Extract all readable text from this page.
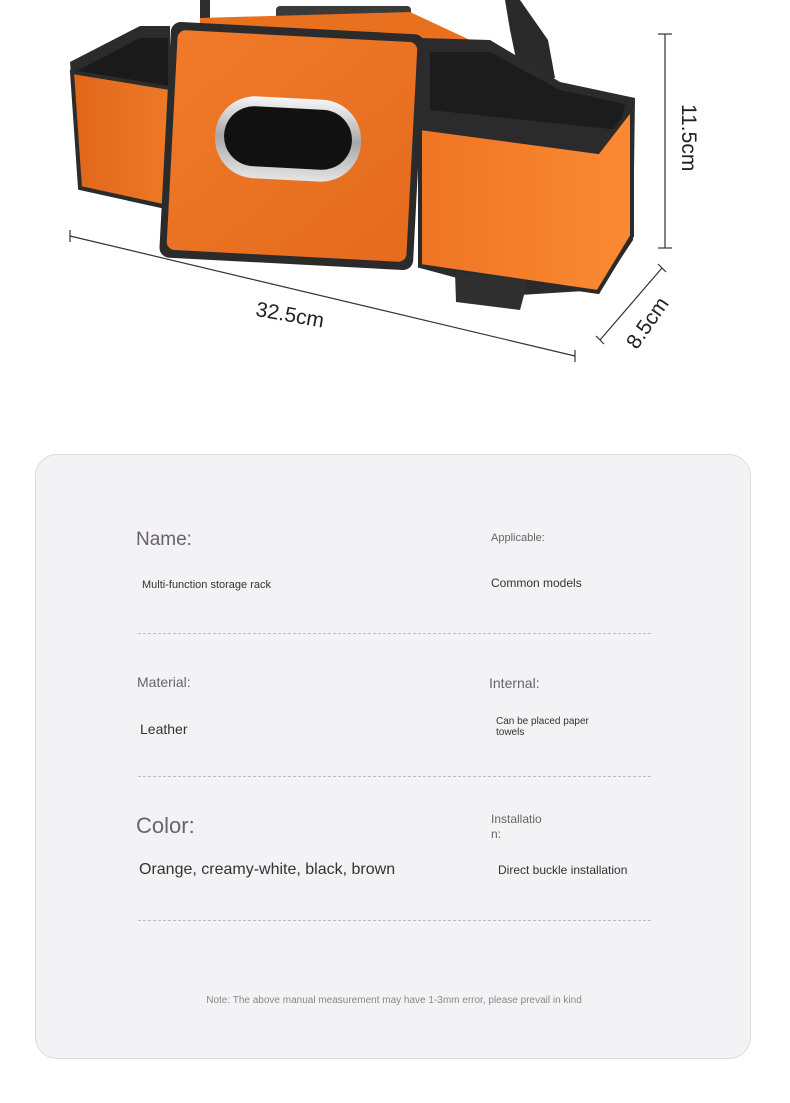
32.5cm
11.5cm
8.5cm
Name:
Multi-function storage rack
Applicable:
Common models
Material:
Leather
Internal:
Can be placed paper
towels
Color:
Orange, creamy-white, black, brown
Installatio
n:
Direct buckle installation
Note: The above manual measurement may have 1-3mm error, please prevail in kind
